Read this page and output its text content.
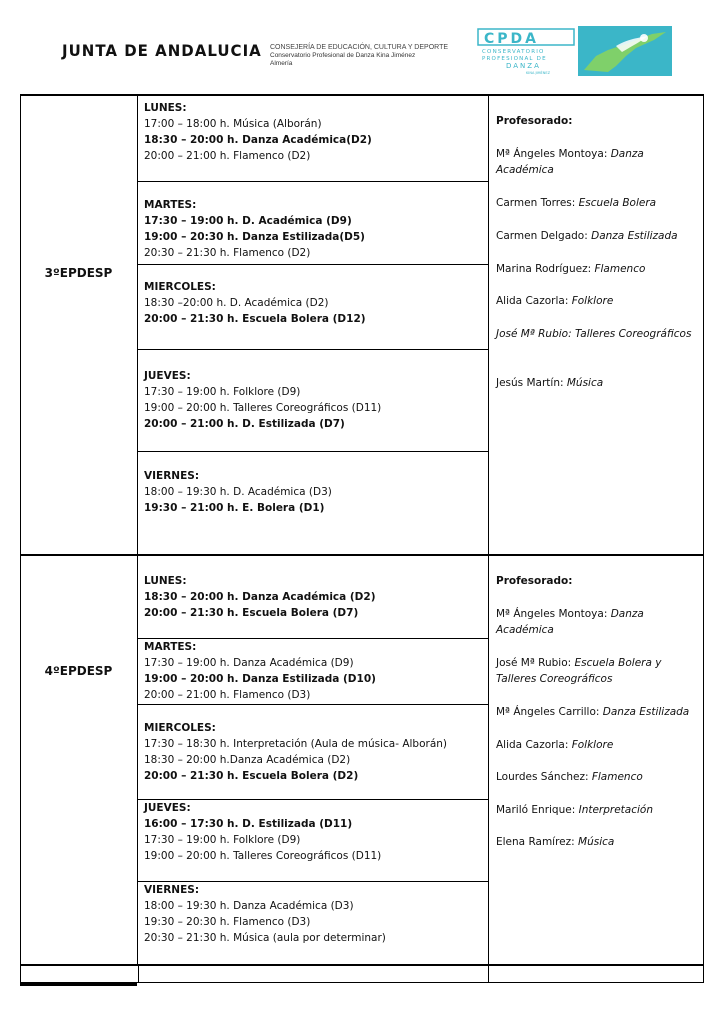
JUNTA DE ANDALUCIA CONSEJERÍA DE EDUCACIÓN, CULTURA Y DEPORTE
Conservatorio Profesional de Danza Kina Jiménez
Almería
CPDA
CONSERVATORIO
PROFESIONAL DE
DANZA
KINA JIMÉNEZ
3ºEPDESP
LUNES:
17:00 – 18:00 h. Música (Alborán)
18:30 – 20:00 h. Danza Académica(D2)
20:00 – 21:00 h. Flamenco (D2)
MARTES:
17:30 – 19:00 h. D. Académica (D9)
19:00 – 20:30 h. Danza Estilizada(D5)
20:30 – 21:30 h. Flamenco (D2)
MIERCOLES:
18:30 –20:00 h. D. Académica (D2)
20:00 – 21:30 h. Escuela Bolera (D12)
JUEVES:
17:30 – 19:00 h. Folklore (D9)
19:00 – 20:00 h. Talleres Coreográficos (D11)
20:00 – 21:00 h. D. Estilizada (D7)
VIERNES:
18:00 – 19:30 h. D. Académica (D3)
19:30 – 21:00 h. E. Bolera (D1)
Profesorado:
Mª Ángeles Montoya: Danza Académica
Carmen Torres: Escuela Bolera
Carmen Delgado: Danza Estilizada
Marina Rodríguez: Flamenco
Alida Cazorla: Folklore
José Mª Rubio: Talleres Coreográficos
Jesús Martín: Música
4ºEPDESP
LUNES:
18:30 – 20:00 h. Danza Académica (D2)
20:00 – 21:30 h. Escuela Bolera (D7)
MARTES:
17:30 – 19:00 h. Danza Académica (D9)
19:00 – 20:00 h. Danza Estilizada (D10)
20:00 – 21:00 h. Flamenco (D3)
MIERCOLES:
17:30 – 18:30 h. Interpretación (Aula de música- Alborán)
18:30 – 20:00 h.Danza Académica (D2)
20:00 – 21:30 h. Escuela Bolera (D2)
JUEVES:
16:00 – 17:30 h. D. Estilizada (D11)
17:30 – 19:00 h. Folklore (D9)
19:00 – 20:00 h. Talleres Coreográficos (D11)
VIERNES:
18:00 – 19:30 h. Danza Académica (D3)
19:30 – 20:30 h. Flamenco (D3)
20:30 – 21:30 h. Música (aula por determinar)
Profesorado:
Mª Ángeles Montoya: Danza Académica
José Mª Rubio: Escuela Bolera y Talleres Coreográficos
Mª Ángeles Carrillo: Danza Estilizada
Alida Cazorla: Folklore
Lourdes Sánchez: Flamenco
Mariló Enrique: Interpretación
Elena Ramírez: Música
